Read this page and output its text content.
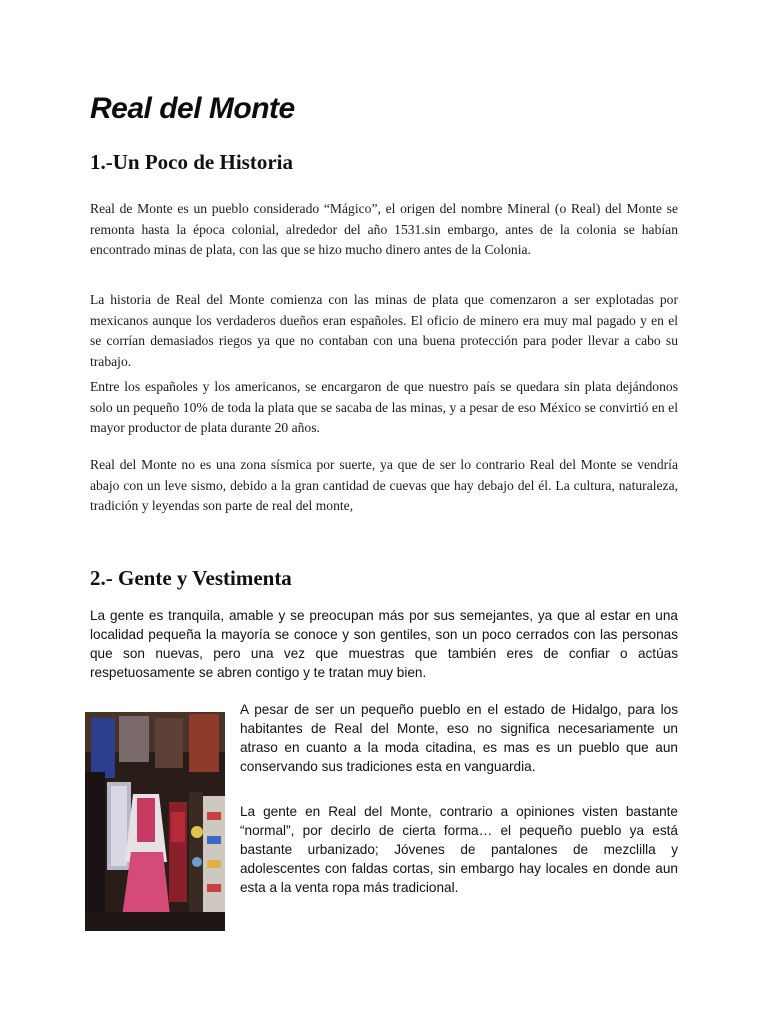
Real del Monte
1.-Un Poco de Historia

Real de Monte es un pueblo considerado “Mágico”, el origen del nombre Mineral (o Real) del Monte se remonta hasta la época colonial, alrededor del año 1531.sin embargo, antes de la colonia se habían encontrado minas de plata, con las que se hizo mucho dinero antes de la Colonia.

La historia de Real del Monte comienza con las minas de plata que comenzaron a ser explotadas por mexicanos aunque los verdaderos dueños eran españoles. El oficio de minero era muy mal pagado y en el se corrían demasiados riegos ya que no contaban con una buena protección para poder llevar a cabo su trabajo.

Entre los españoles y los americanos, se encargaron de que nuestro país se quedara sin plata dejándonos solo un pequeño 10% de toda la plata que se sacaba de las minas, y a pesar de eso México se convirtió en el mayor productor de plata durante 20 años.

Real del Monte no es una zona sísmica por suerte, ya que de ser lo contrario Real del Monte se vendría abajo con un leve sismo, debido a la gran cantidad de cuevas que hay debajo del él. La cultura, naturaleza, tradición y leyendas son parte de real del monte,

2.- Gente y Vestimenta

La gente es tranquila, amable y se preocupan más por sus semejantes, ya que al estar en una localidad pequeña la mayoría se conoce y son gentiles, son un poco cerrados con las personas que son nuevas, pero una vez que muestras que también eres de confiar o actúas respetuosamente se abren contigo y te tratan muy bien.

A pesar de ser un pequeño pueblo en el estado de Hidalgo, para los habitantes de Real del Monte, eso no significa necesariamente un atraso en cuanto a la moda citadina, es mas es un pueblo que aun conservando sus tradiciones esta en vanguardia.

La gente en Real del Monte, contrario a opiniones visten bastante “normal”, por decirlo de cierta forma… el pequeño pueblo ya está bastante urbanizado; Jóvenes de pantalones de mezclilla y adolescentes con faldas cortas, sin embargo hay locales en donde aun esta a la venta ropa más tradicional.
